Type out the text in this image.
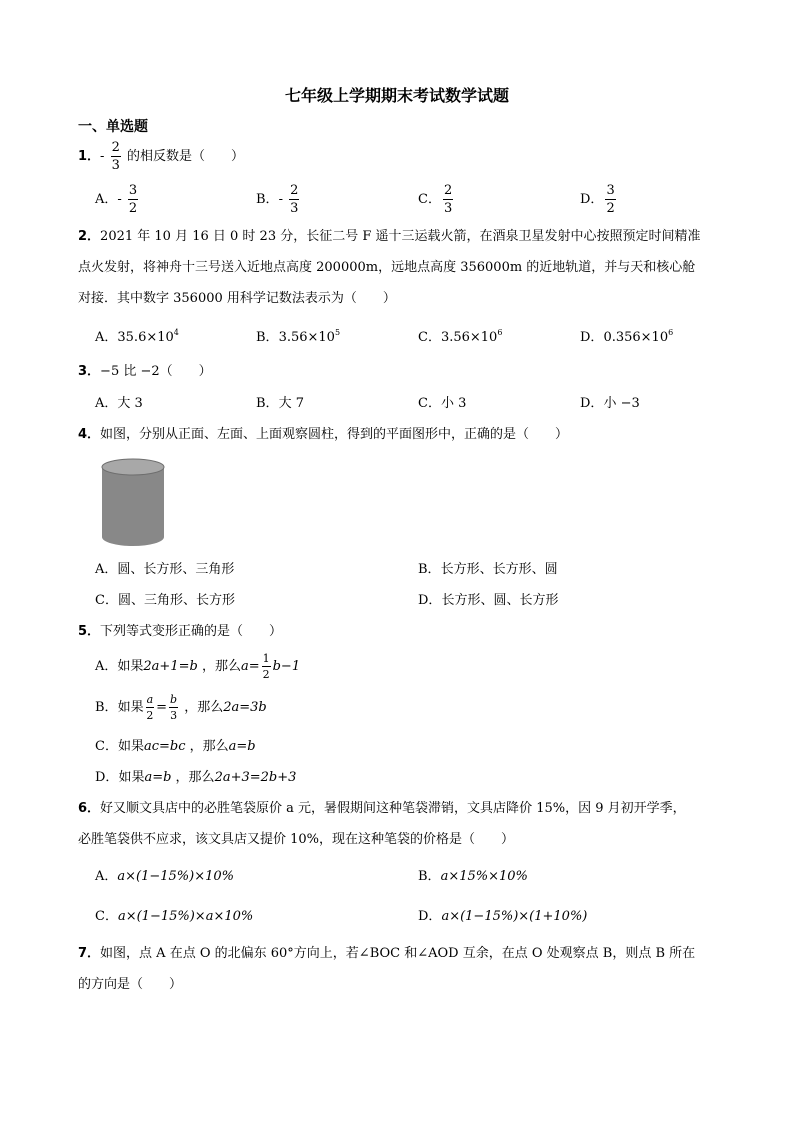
七年级上学期期末考试数学试题
一、单选题
1．- $\frac{2}{3}$ 的相反数是（　　）
A．- $\frac{3}{2}$	B．- $\frac{2}{3}$	C． $\frac{2}{3}$	D． $\frac{3}{2}$
2．2021 年 10 月 16 日 0 时 23 分，长征二号 F 遥十三运载火箭，在酒泉卫星发射中心按照预定时间精准
点火发射，将神舟十三号送入近地点高度 200000m，远地点高度 356000m 的近地轨道，并与天和核心舱
对接．其中数字 356000 用科学记数法表示为（　　）
A．$35.6\times 10^4$	B．$3.56\times 10^5$	C．$3.56\times 10^6$	D．$0.356\times 10^6$
3．−5 比 −2（　　）
A．大 3	B．大 7	C．小 3	D．小 −3
4．如图，分别从正面、左面、上面观察圆柱，得到的平面图形中，正确的是（　　）
A．圆、长方形、三角形	B．长方形、长方形、圆
C．圆、三角形、长方形	D．长方形、圆、长方形
5．下列等式变形正确的是（　　）
A．如果2a+1=b ，那么$a= \frac{1}{2} b-1$
B．如果 $\frac{a}{2} = \frac{b}{3}$ ，那么2a=3b
C．如果ac=bc ，那么a=b
D．如果a=b ，那么2a+3=2b+3
6．好又顺文具店中的必胜笔袋原价 a 元，暑假期间这种笔袋滞销，文具店降价 15%，因 9 月初开学季，
必胜笔袋供不应求，该文具店又提价 10%，现在这种笔袋的价格是（　　）
A．a×(1−15%)×10%	B．a×15%×10%
C．a×(1−15%)×a×10%	D．a×(1−15%)×(1+10%)
7．如图，点 A 在点 O 的北偏东 60°方向上，若∠BOC 和∠AOD 互余，在点 O 处观察点 B，则点 B 所在
的方向是（　　）
